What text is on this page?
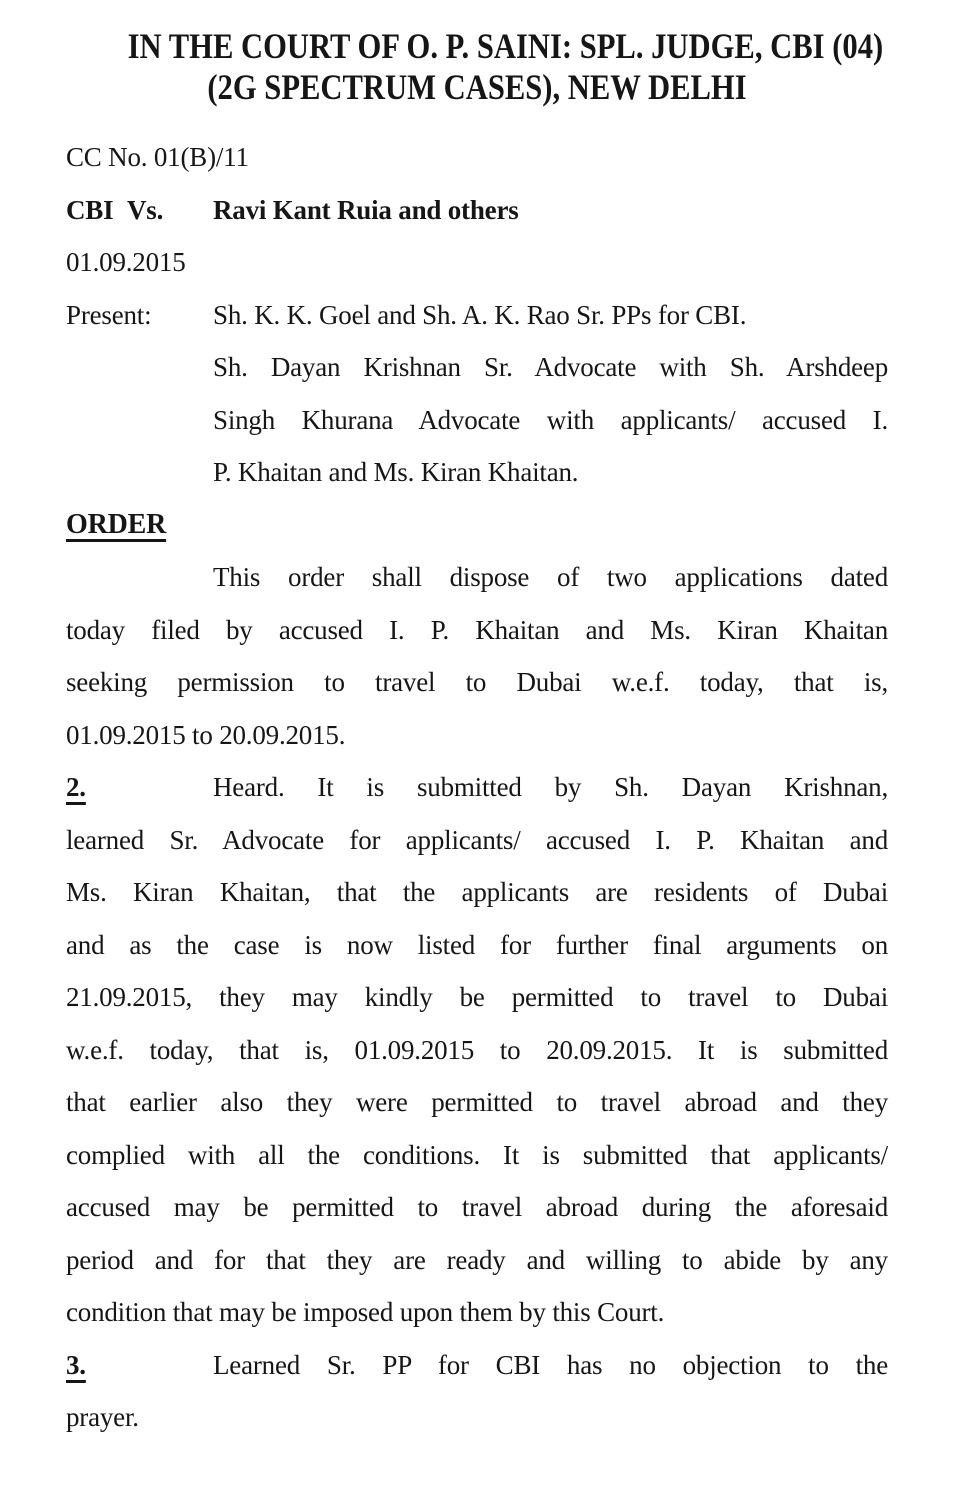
IN THE COURT OF O. P. SAINI: SPL. JUDGE, CBI (04)
(2G SPECTRUM CASES), NEW DELHI
CC No. 01(B)/11
CBI Vs. Ravi Kant Ruia and others
01.09.2015
Present: Sh. K. K. Goel and Sh. A. K. Rao Sr. PPs for CBI.
Sh. Dayan Krishnan Sr. Advocate with Sh. Arshdeep
Singh Khurana Advocate with applicants/ accused I.
P. Khaitan and Ms. Kiran Khaitan.
ORDER
This order shall dispose of two applications dated
today filed by accused I. P. Khaitan and Ms. Kiran Khaitan
seeking permission to travel to Dubai w.e.f. today, that is,
01.09.2015 to 20.09.2015.
2.	Heard. It is submitted by Sh. Dayan Krishnan,
learned Sr. Advocate for applicants/ accused I. P. Khaitan and
Ms. Kiran Khaitan, that the applicants are residents of Dubai
and as the case is now listed for further final arguments on
21.09.2015, they may kindly be permitted to travel to Dubai
w.e.f. today, that is, 01.09.2015 to 20.09.2015. It is submitted
that earlier also they were permitted to travel abroad and they
complied with all the conditions. It is submitted that applicants/
accused may be permitted to travel abroad during the aforesaid
period and for that they are ready and willing to abide by any
condition that may be imposed upon them by this Court.
3.	Learned Sr. PP for CBI has no objection to the
prayer.
